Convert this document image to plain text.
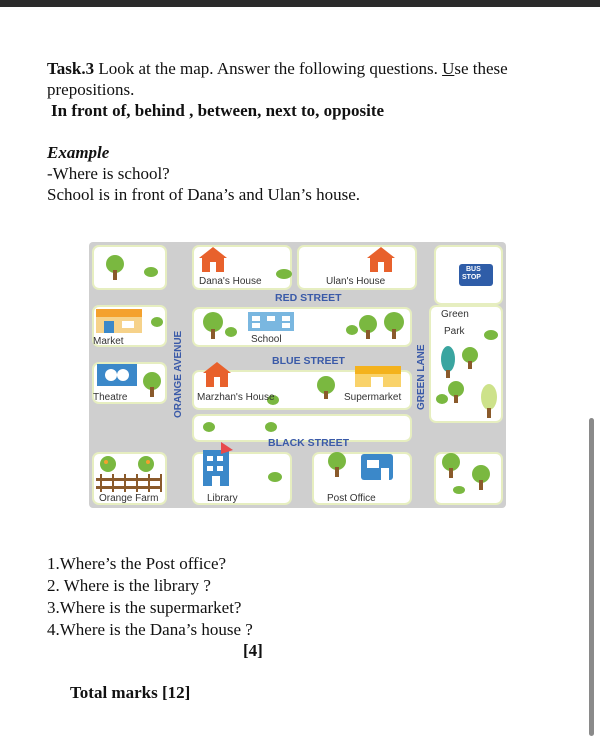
Task.3 Look at the map. Answer the following questions. Use these
prepositions.
In front of, behind , between, next to, opposite
Example
-Where is school?
School is in front of Dana’s and Ulan’s house.
RED STREET
BLUE STREET
BLACK STREET
ORANGE AVENUE	GREEN LANE
Dana's House	Ulan's House
Marzhan's House
School
Market
Theatre	Supermarket
BUS
STOP
Green
Park
Orange Farm	Library	Post Office
1.Where’s the Post office?
2. Where is the library ?
3.Where is the supermarket?
4.Where is the Dana’s house ?
[4]
Total marks [12]
